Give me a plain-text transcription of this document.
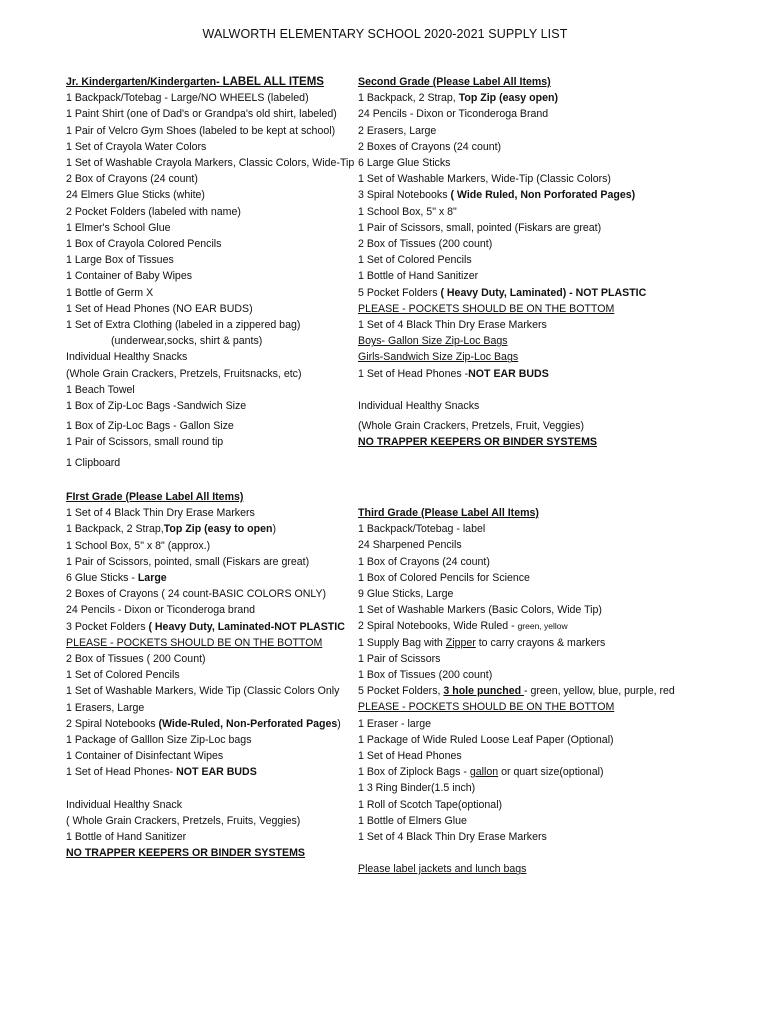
WALWORTH ELEMENTARY SCHOOL 2020-2021 SUPPLY LIST
Jr. Kindergarten/Kindergarten- LABEL ALL ITEMS
1 Backpack/Totebag - Large/NO WHEELS (labeled)
1 Paint Shirt (one of Dad's or Grandpa's old shirt, labeled)
1 Pair of Velcro Gym Shoes (labeled to be kept at school)
1 Set of Crayola Water Colors
1 Set of Washable Crayola Markers, Classic Colors, Wide-Tip
2 Box of Crayons (24 count)
24 Elmers Glue Sticks (white)
2 Pocket Folders (labeled with name)
1 Elmer's School Glue
1 Box of Crayola Colored Pencils
1 Large Box of Tissues
1 Container of Baby Wipes
1 Bottle of Germ X
1 Set of Head Phones (NO EAR BUDS)
1 Set of Extra Clothing (labeled in a zippered bag)
(underwear,socks, shirt & pants)
Individual Healthy Snacks
(Whole Grain Crackers, Pretzels, Fruitsnacks, etc)
1 Beach Towel
1 Box of Zip-Loc Bags -Sandwich Size
1 Box of Zip-Loc Bags - Gallon Size
1 Pair of Scissors, small round tip
1 Clipboard
FIrst Grade (Please Label All Items)
1 Set of 4 Black Thin Dry Erase Markers
1 Backpack, 2 Strap,Top Zip (easy to open)
1 School Box, 5" x 8" (approx.)
1 Pair of Scissors, pointed, small (Fiskars are great)
6 Glue Sticks - Large
2 Boxes of Crayons ( 24 count-BASIC COLORS ONLY)
24 Pencils - Dixon or Ticonderoga brand
3 Pocket Folders ( Heavy Duty, Laminated-NOT PLASTIC
PLEASE - POCKETS SHOULD BE ON THE BOTTOM
2 Box of Tissues ( 200 Count)
1 Set of Colored Pencils
1 Set of Washable Markers, Wide Tip (Classic Colors Only
1 Erasers, Large
2 Spiral Notebooks (Wide-Ruled, Non-Perforated Pages)
1 Package of Galllon Size Zip-Loc bags
1 Container of Disinfectant Wipes
1 Set of Head Phones- NOT EAR BUDS
Individual Healthy Snack
( Whole Grain Crackers, Pretzels, Fruits, Veggies)
1 Bottle of Hand Sanitizer
NO TRAPPER KEEPERS OR BINDER SYSTEMS
Second Grade (Please Label All Items)
1 Backpack, 2 Strap, Top Zip (easy open)
24 Pencils - Dixon or Ticonderoga Brand
2 Erasers, Large
2 Boxes of Crayons (24 count)
6 Large Glue Sticks
1 Set of Washable Markers, Wide-Tip (Classic Colors)
3 Spiral Notebooks ( Wide Ruled, Non Porforated Pages)
1 School Box, 5" x 8"
1 Pair of Scissors, small, pointed (Fiskars are great)
2 Box of Tissues (200 count)
1 Set of Colored Pencils
1 Bottle of Hand Sanitizer
5 Pocket Folders ( Heavy Duty, Laminated) - NOT PLASTIC
PLEASE - POCKETS SHOULD BE ON THE BOTTOM
1 Set of 4 Black Thin Dry Erase Markers
Boys- Gallon Size Zip-Loc Bags
Girls-Sandwich Size Zip-Loc Bags
1 Set of Head Phones -NOT EAR BUDS
Individual Healthy Snacks
(Whole Grain Crackers, Pretzels, Fruit, Veggies)
NO TRAPPER KEEPERS OR BINDER SYSTEMS
Third Grade (Please Label All Items)
1 Backpack/Totebag - label
24 Sharpened Pencils
1 Box of Crayons (24 count)
1 Box of Colored Pencils for Science
9 Glue Sticks, Large
1 Set of Washable Markers (Basic Colors, Wide Tip)
2 Spiral Notebooks, Wide Ruled - green, yellow
1 Supply Bag with Zipper to carry crayons & markers
1 Pair of Scissors
1 Box of Tissues (200 count)
5 Pocket Folders, 3 hole punched - green, yellow, blue, purple, red
PLEASE - POCKETS SHOULD BE ON THE BOTTOM
1 Eraser - large
1 Package of Wide Ruled Loose Leaf Paper (Optional)
1 Set of Head Phones
1 Box of Ziplock Bags - gallon or quart size(optional)
1 3 Ring Binder(1.5 inch)
1 Roll of Scotch Tape(optional)
1 Bottle of Elmers Glue
1 Set of 4 Black Thin Dry Erase Markers
Please label jackets and lunch bags
